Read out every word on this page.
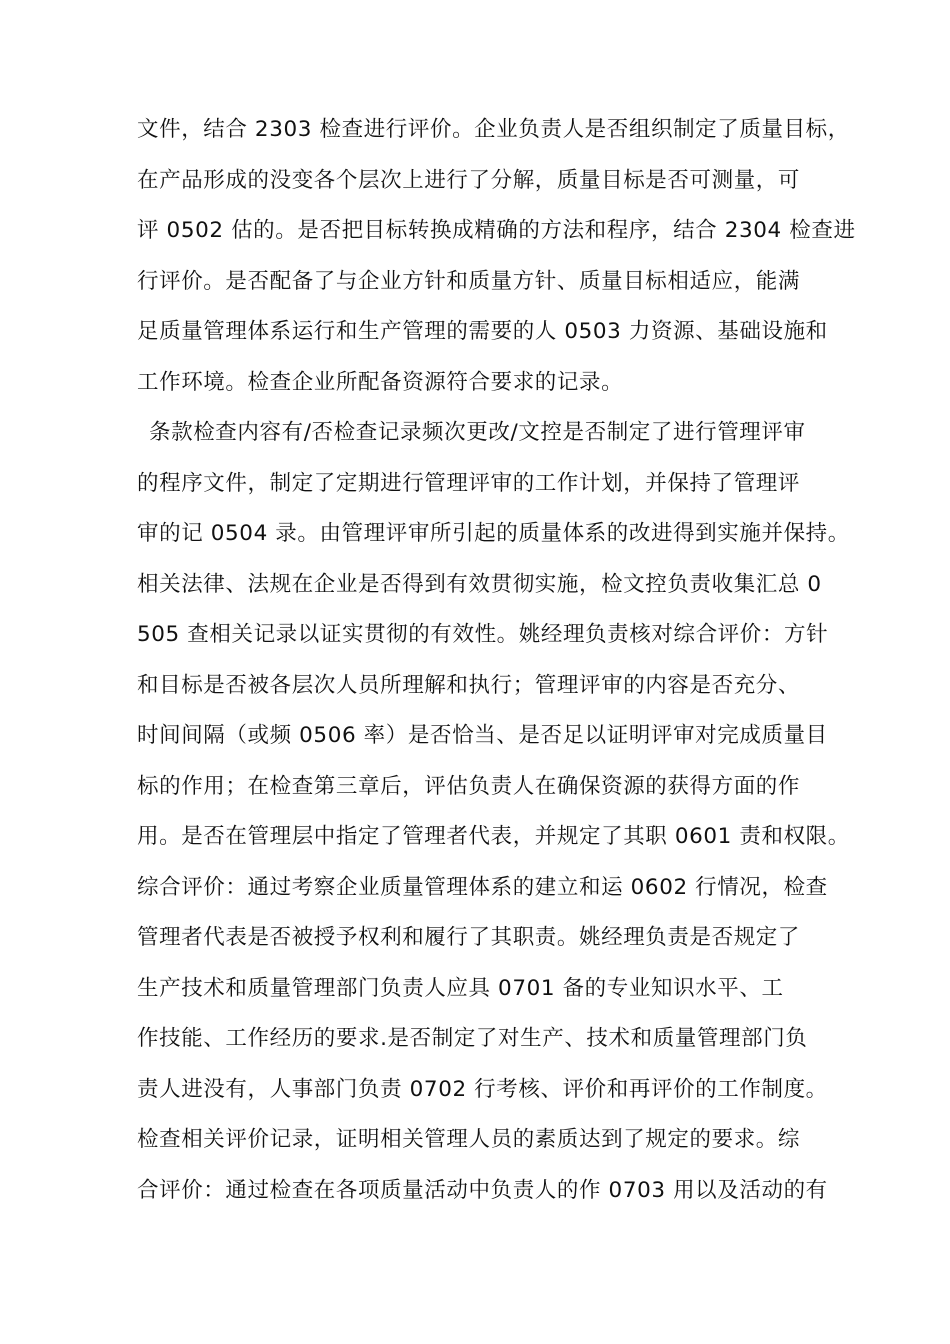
文件，结合 2303 检查进行评价。企业负责人是否组织制定了质量目标，
在产品形成的没变各个层次上进行了分解，质量目标是否可测量，可
评 0502 估的。是否把目标转换成精确的方法和程序，结合 2304 检查进
行评价。是否配备了与企业方针和质量方针、质量目标相适应，能满
足质量管理体系运行和生产管理的需要的人 0503 力资源、基础设施和
工作环境。检查企业所配备资源符合要求的记录。
条款检查内容有/否检查记录频次更改/文控是否制定了进行管理评审
的程序文件，制定了定期进行管理评审的工作计划，并保持了管理评
审的记 0504 录。由管理评审所引起的质量体系的改进得到实施并保持。
相关法律、法规在企业是否得到有效贯彻实施，检文控负责收集汇总 0
505 查相关记录以证实贯彻的有效性。姚经理负责核对综合评价：方针
和目标是否被各层次人员所理解和执行；管理评审的内容是否充分、
时间间隔（或频 0506 率）是否恰当、是否足以证明评审对完成质量目
标的作用；在检查第三章后，评估负责人在确保资源的获得方面的作
用。是否在管理层中指定了管理者代表，并规定了其职 0601 责和权限。
综合评价：通过考察企业质量管理体系的建立和运 0602 行情况，检查
管理者代表是否被授予权利和履行了其职责。姚经理负责是否规定了
生产技术和质量管理部门负责人应具 0701 备的专业知识水平、工
作技能、工作经历的要求.是否制定了对生产、技术和质量管理部门负
责人进没有，人事部门负责 0702 行考核、评价和再评价的工作制度。
检查相关评价记录，证明相关管理人员的素质达到了规定的要求。综
合评价：通过检查在各项质量活动中负责人的作 0703 用以及活动的有
